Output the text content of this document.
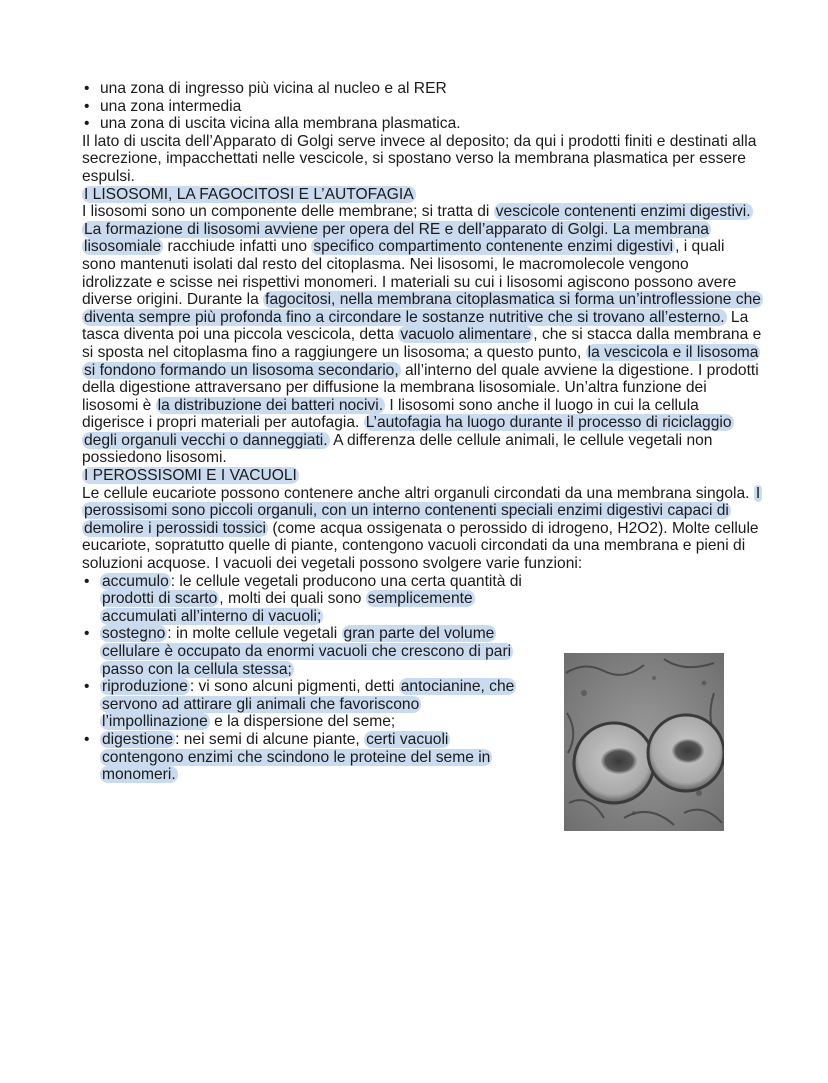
• una zona di ingresso più vicina al nucleo e al RER
• una zona intermedia
• una zona di uscita vicina alla membrana plasmatica.

Il lato di uscita dell’Apparato di Golgi serve invece al deposito; da qui i prodotti finiti e destinati alla secrezione, impacchettati nelle vescicole, si spostano verso la membrana plasmatica per essere espulsi.

I LISOSOMI, LA FAGOCITOSI E L’AUTOFAGIA

I lisosomi sono un componente delle membrane; si tratta di vescicole contenenti enzimi digestivi. La formazione di lisosomi avviene per opera del RE e dell’apparato di Golgi. La membrana lisosomiale racchiude infatti uno specifico compartimento contenente enzimi digestivi , i quali sono mantenuti isolati dal resto del citoplasma. Nei lisosomi, le macromolecole vengono idrolizzate e scisse nei rispettivi monomeri. I materiali su cui i lisosomi agiscono possono avere diverse origini. Durante la fagocitosi, nella membrana citoplasmatica si forma un’introflessione che diventa sempre più profonda fino a circondare le sostanze nutritive che si trovano all’esterno. La tasca diventa poi una piccola vescicola, detta vacuolo alimentare , che si stacca dalla membrana e si sposta nel citoplasma fino a raggiungere un lisosoma; a questo punto, la vescicola e il lisosoma si fondono formando un lisosoma secondario, all’interno del quale avviene la digestione. I prodotti della digestione attraversano per diffusione la membrana lisosomiale. Un’altra funzione dei lisosomi è la distribuzione dei batteri nocivi. I lisosomi sono anche il luogo in cui la cellula digerisce i propri materiali per autofagia. L’autofagia ha luogo durante il processo di riciclaggio degli organuli vecchi o danneggiati. A differenza delle cellule animali, le cellule vegetali non possiedono lisosomi.

I PEROSSISOMI E I VACUOLI

Le cellule eucariote possono contenere anche altri organuli circondati da una membrana singola. I perossisomi sono piccoli organuli, con un interno contenenti speciali enzimi digestivi capaci di demolire i perossidi tossici (come acqua ossigenata o perossido di idrogeno, H2O2). Molte cellule eucariote, sopratutto quelle di piante, contengono vacuoli circondati da una membrana e pieni di soluzioni acquose. I vacuoli dei vegetali possono svolgere varie funzioni:

• accumulo : le cellule vegetali producono una certa quantità di prodotti di scarto , molti dei quali sono semplicemente accumulati all’interno di vacuoli;
• sostegno : in molte cellule vegetali gran parte del volume cellulare è occupato da enormi vacuoli che crescono di pari passo con la cellula stessa;
• riproduzione : vi sono alcuni pigmenti, detti antocianine, che servono ad attirare gli animali che favoriscono l’impollinazione e la dispersione del seme;
• digestione : nei semi di alcune piante, certi vacuoli contengono enzimi che scindono le proteine del seme in monomeri.
